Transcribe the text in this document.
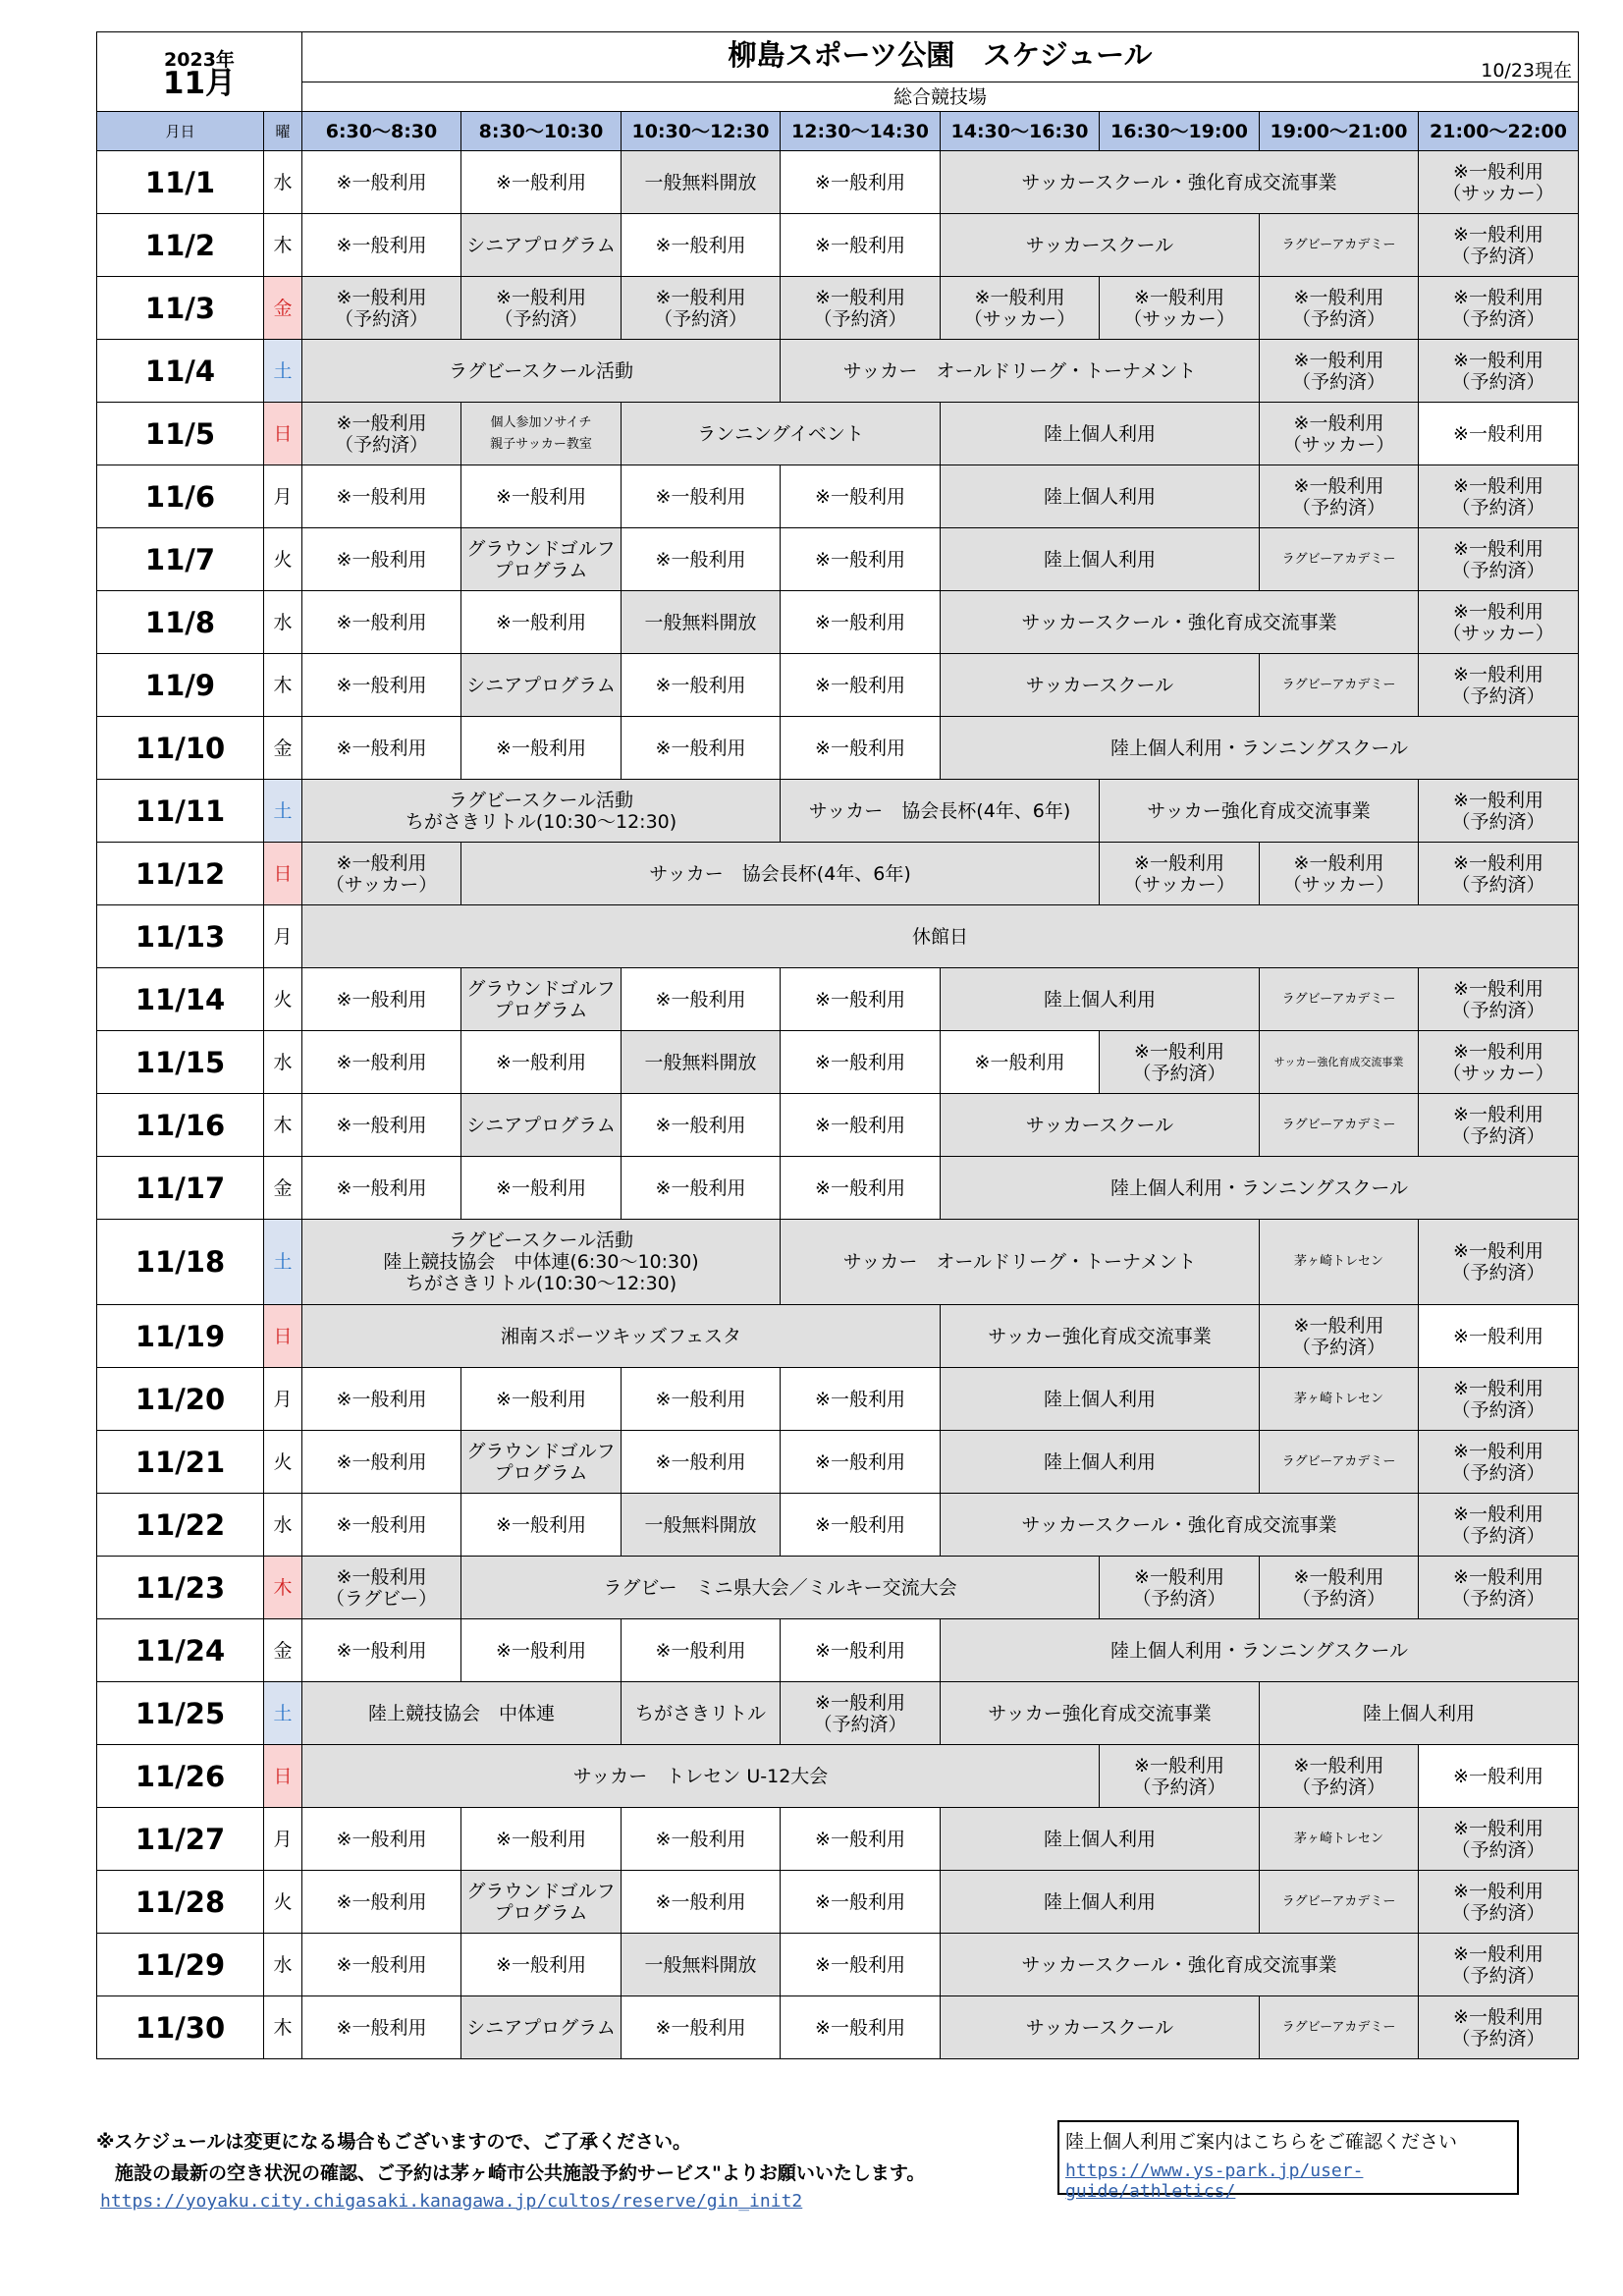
2023年
11月		柳島スポーツ公園　スケジュール 10/23現在							

		総合競技場							
月日	曜	6:30～8:30	8:30～10:30	10:30～12:30	12:30～14:30	14:30～16:30	16:30～19:00	19:00～21:00	21:00～22:00
11/1	水	※一般利用	※一般利用	一般無料開放	※一般利用	サッカースクール・強化育成交流事業			※一般利用
（サッカー）
11/2	木	※一般利用	シニアプログラム	※一般利用	※一般利用	サッカースクール		ラグビーアカデミー	※一般利用
（予約済）
11/3	金	※一般利用
（予約済）	※一般利用
（予約済）	※一般利用
（予約済）	※一般利用
（予約済）	※一般利用
（サッカー）	※一般利用
（サッカー）	※一般利用
（予約済）	※一般利用
（予約済）
11/4	土	ラグビースクール活動			サッカー　オールドリーグ・トーナメント			※一般利用
（予約済）	※一般利用
（予約済）
11/5	日	※一般利用
（予約済）	個人参加ソサイチ
親子サッカー教室	ランニングイベント		陸上個人利用		※一般利用
（サッカー）	※一般利用
11/6	月	※一般利用	※一般利用	※一般利用	※一般利用	陸上個人利用		※一般利用
（予約済）	※一般利用
（予約済）
11/7	火	※一般利用	グラウンドゴルフ
プログラム	※一般利用	※一般利用	陸上個人利用		ラグビーアカデミー	※一般利用
（予約済）
11/8	水	※一般利用	※一般利用	一般無料開放	※一般利用	サッカースクール・強化育成交流事業			※一般利用
（サッカー）
11/9	木	※一般利用	シニアプログラム	※一般利用	※一般利用	サッカースクール		ラグビーアカデミー	※一般利用
（予約済）
11/10	金	※一般利用	※一般利用	※一般利用	※一般利用	陸上個人利用・ランニングスクール			
11/11	土	ラグビースクール活動
ちがさきリトル(10:30～12:30)			サッカー　協会長杯(4年、6年)		サッカー強化育成交流事業		※一般利用
（予約済）
11/12	日	※一般利用
（サッカー）	サッカー　協会長杯(4年、6年)				※一般利用
（サッカー）	※一般利用
（サッカー）	※一般利用
（予約済）
11/13	月	休館日							
11/14	火	※一般利用	グラウンドゴルフ
プログラム	※一般利用	※一般利用	陸上個人利用		ラグビーアカデミー	※一般利用
（予約済）
11/15	水	※一般利用	※一般利用	一般無料開放	※一般利用	※一般利用	※一般利用
（予約済）	サッカー強化育成交流事業	※一般利用
（サッカー）
11/16	木	※一般利用	シニアプログラム	※一般利用	※一般利用	サッカースクール		ラグビーアカデミー	※一般利用
（予約済）
11/17	金	※一般利用	※一般利用	※一般利用	※一般利用	陸上個人利用・ランニングスクール			
11/18	土	ラグビースクール活動
陸上競技協会　中体連(6:30～10:30)
ちがさきリトル(10:30～12:30)			サッカー　オールドリーグ・トーナメント			茅ヶ崎トレセン	※一般利用
（予約済）
11/19	日	湘南スポーツキッズフェスタ				サッカー強化育成交流事業		※一般利用
（予約済）	※一般利用
11/20	月	※一般利用	※一般利用	※一般利用	※一般利用	陸上個人利用		茅ヶ崎トレセン	※一般利用
（予約済）
11/21	火	※一般利用	グラウンドゴルフ
プログラム	※一般利用	※一般利用	陸上個人利用		ラグビーアカデミー	※一般利用
（予約済）
11/22	水	※一般利用	※一般利用	一般無料開放	※一般利用	サッカースクール・強化育成交流事業			※一般利用
（予約済）
11/23	木	※一般利用
（ラグビー）	ラグビー　ミニ県大会／ミルキー交流大会				※一般利用
（予約済）	※一般利用
（予約済）	※一般利用
（予約済）
11/24	金	※一般利用	※一般利用	※一般利用	※一般利用	陸上個人利用・ランニングスクール			
11/25	土	陸上競技協会　中体連		ちがさきリトル	※一般利用
（予約済）	サッカー強化育成交流事業		陸上個人利用	
11/26	日	サッカー　トレセン U-12大会					※一般利用
（予約済）	※一般利用
（予約済）	※一般利用
11/27	月	※一般利用	※一般利用	※一般利用	※一般利用	陸上個人利用		茅ヶ崎トレセン	※一般利用
（予約済）
11/28	火	※一般利用	グラウンドゴルフ
プログラム	※一般利用	※一般利用	陸上個人利用		ラグビーアカデミー	※一般利用
（予約済）
11/29	水	※一般利用	※一般利用	一般無料開放	※一般利用	サッカースクール・強化育成交流事業			※一般利用
（予約済）
11/30	木	※一般利用	シニアプログラム	※一般利用	※一般利用	サッカースクール		ラグビーアカデミー	※一般利用
（予約済）
※スケジュールは変更になる場合もございますので、ご了承ください。
　施設の最新の空き状況の確認、ご予約は茅ヶ崎市公共施設予約サービス"よりお願いいたします。
https://yoyaku.city.chigasaki.kanagawa.jp/cultos/reserve/gin_init2
陸上個人利用ご案内はこちらをご確認ください
https://www.ys-park.jp/user-guide/athletics/
